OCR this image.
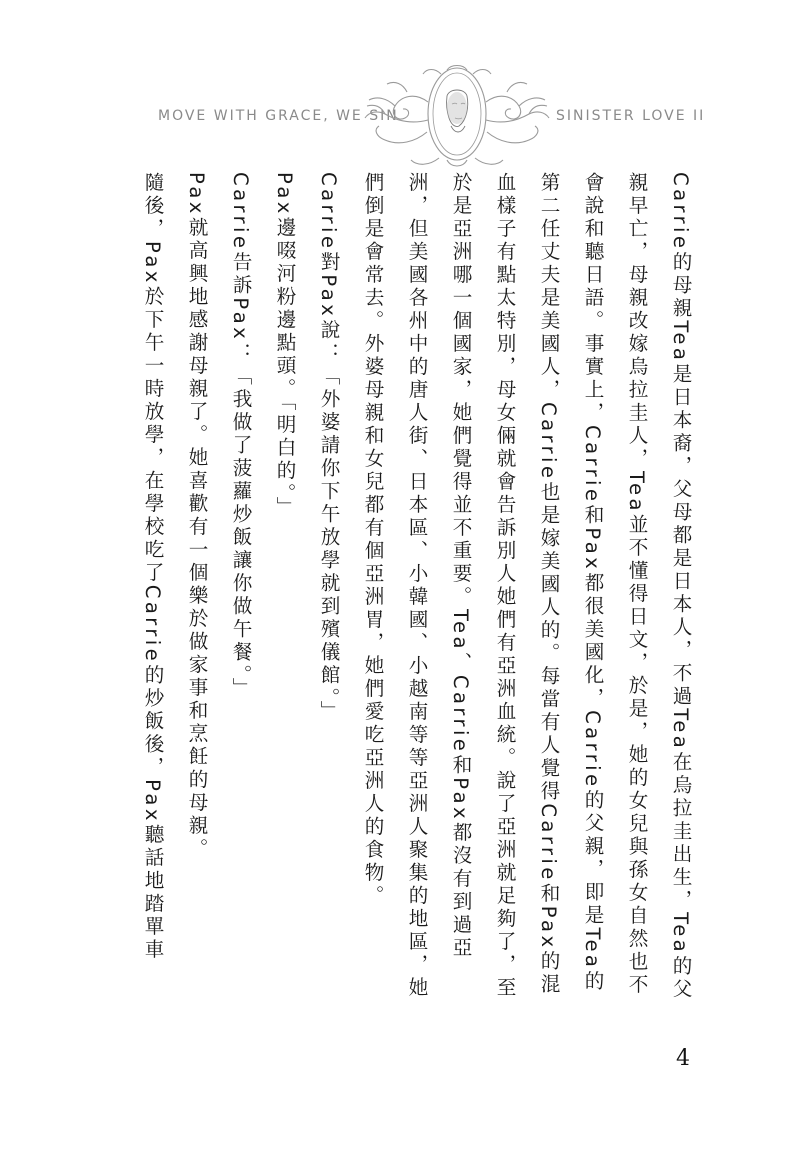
MOVE WITH GRACE, WE SIN	SINISTER LOVE II

Carrie的母親Tea是日本裔，父母都是日本人，不過Tea在烏拉圭出生，Tea的父親早亡，母親改嫁烏拉圭人，Tea並不懂得日文，於是，她的女兒與孫女自然也不會說和聽日語。事實上，Carrie和Pax都很美國化，Carrie的父親，即是Tea的第二任丈夫是美國人，Carrie也是嫁美國人的。每當有人覺得Carrie和Pax的混血樣子有點太特別，母女倆就會告訴別人她們有亞洲血統。說了亞洲就足夠了，至於是亞洲哪一個國家，她們覺得並不重要。Tea、Carrie和Pax都沒有到過亞洲，但美國各州中的唐人街、日本區、小韓國、小越南等等亞洲人聚集的地區，她們倒是會常去。外婆母親和女兒都有個亞洲胃，她們愛吃亞洲人的食物。

Carrie對Pax說：「外婆請你下午放學就到殯儀館。」

Pax邊啜河粉邊點頭。「明白的。」

Carrie告訴Pax：「我做了菠蘿炒飯讓你做午餐。」

Pax就高興地感謝母親了。她喜歡有一個樂於做家事和烹飪的母親。

隨後，Pax於下午一時放學，在學校吃了Carrie的炒飯後，Pax聽話地踏單車

4
